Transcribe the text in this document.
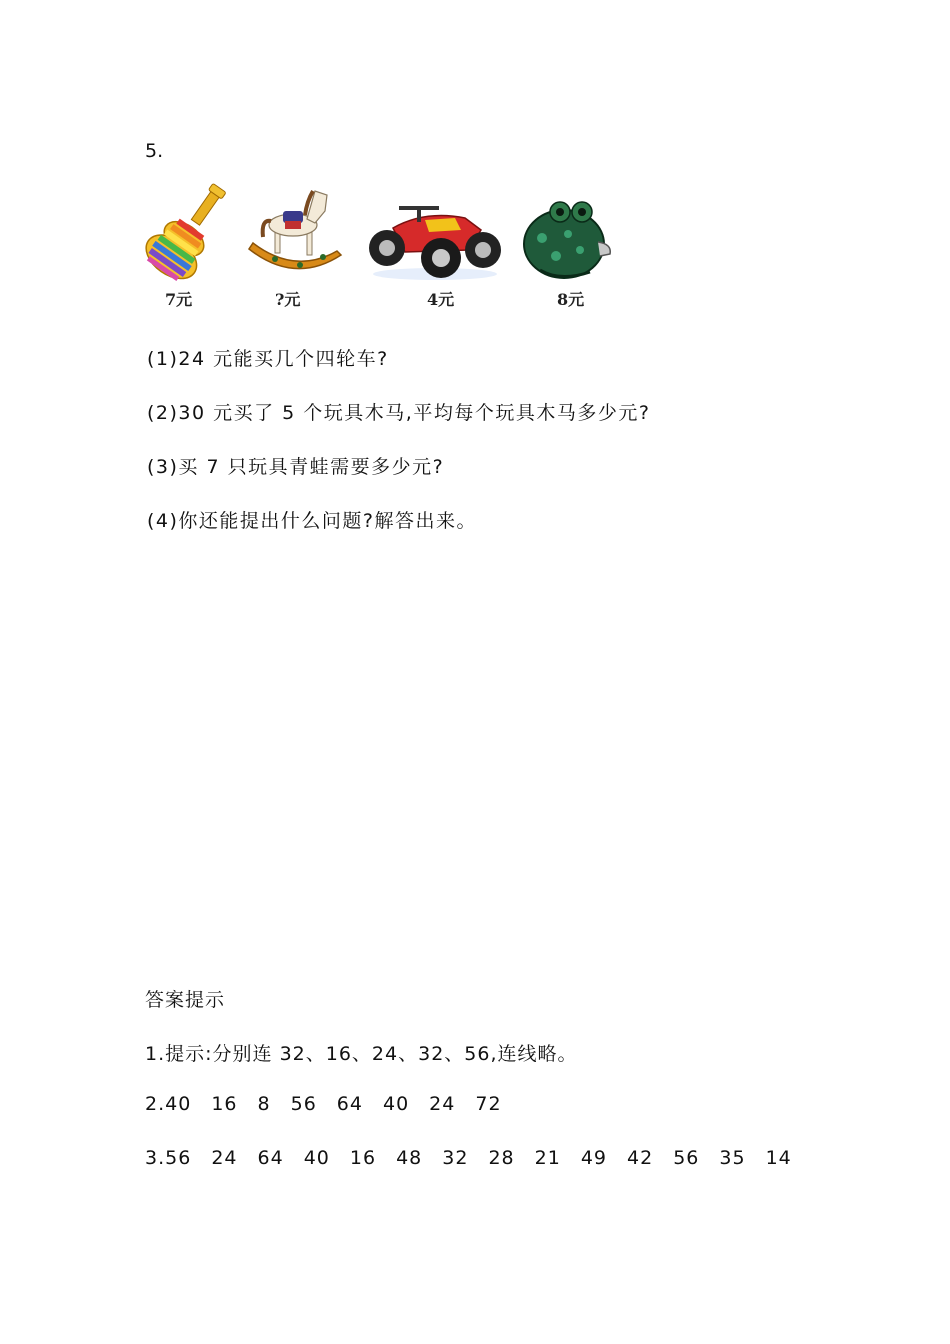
5.
7元	?元	4元	8元
(1)24 元能买几个四轮车?
(2)30 元买了 5 个玩具木马,平均每个玩具木马多少元?
(3)买 7 只玩具青蛙需要多少元?
(4)你还能提出什么问题?解答出来。
答案提示
1.提示:分别连 32、16、24、32、56,连线略。
2.40 16 8 56 64 40 24 72
3.56 24 64 40 16 48 32 28 21 49 42 56 35 14
